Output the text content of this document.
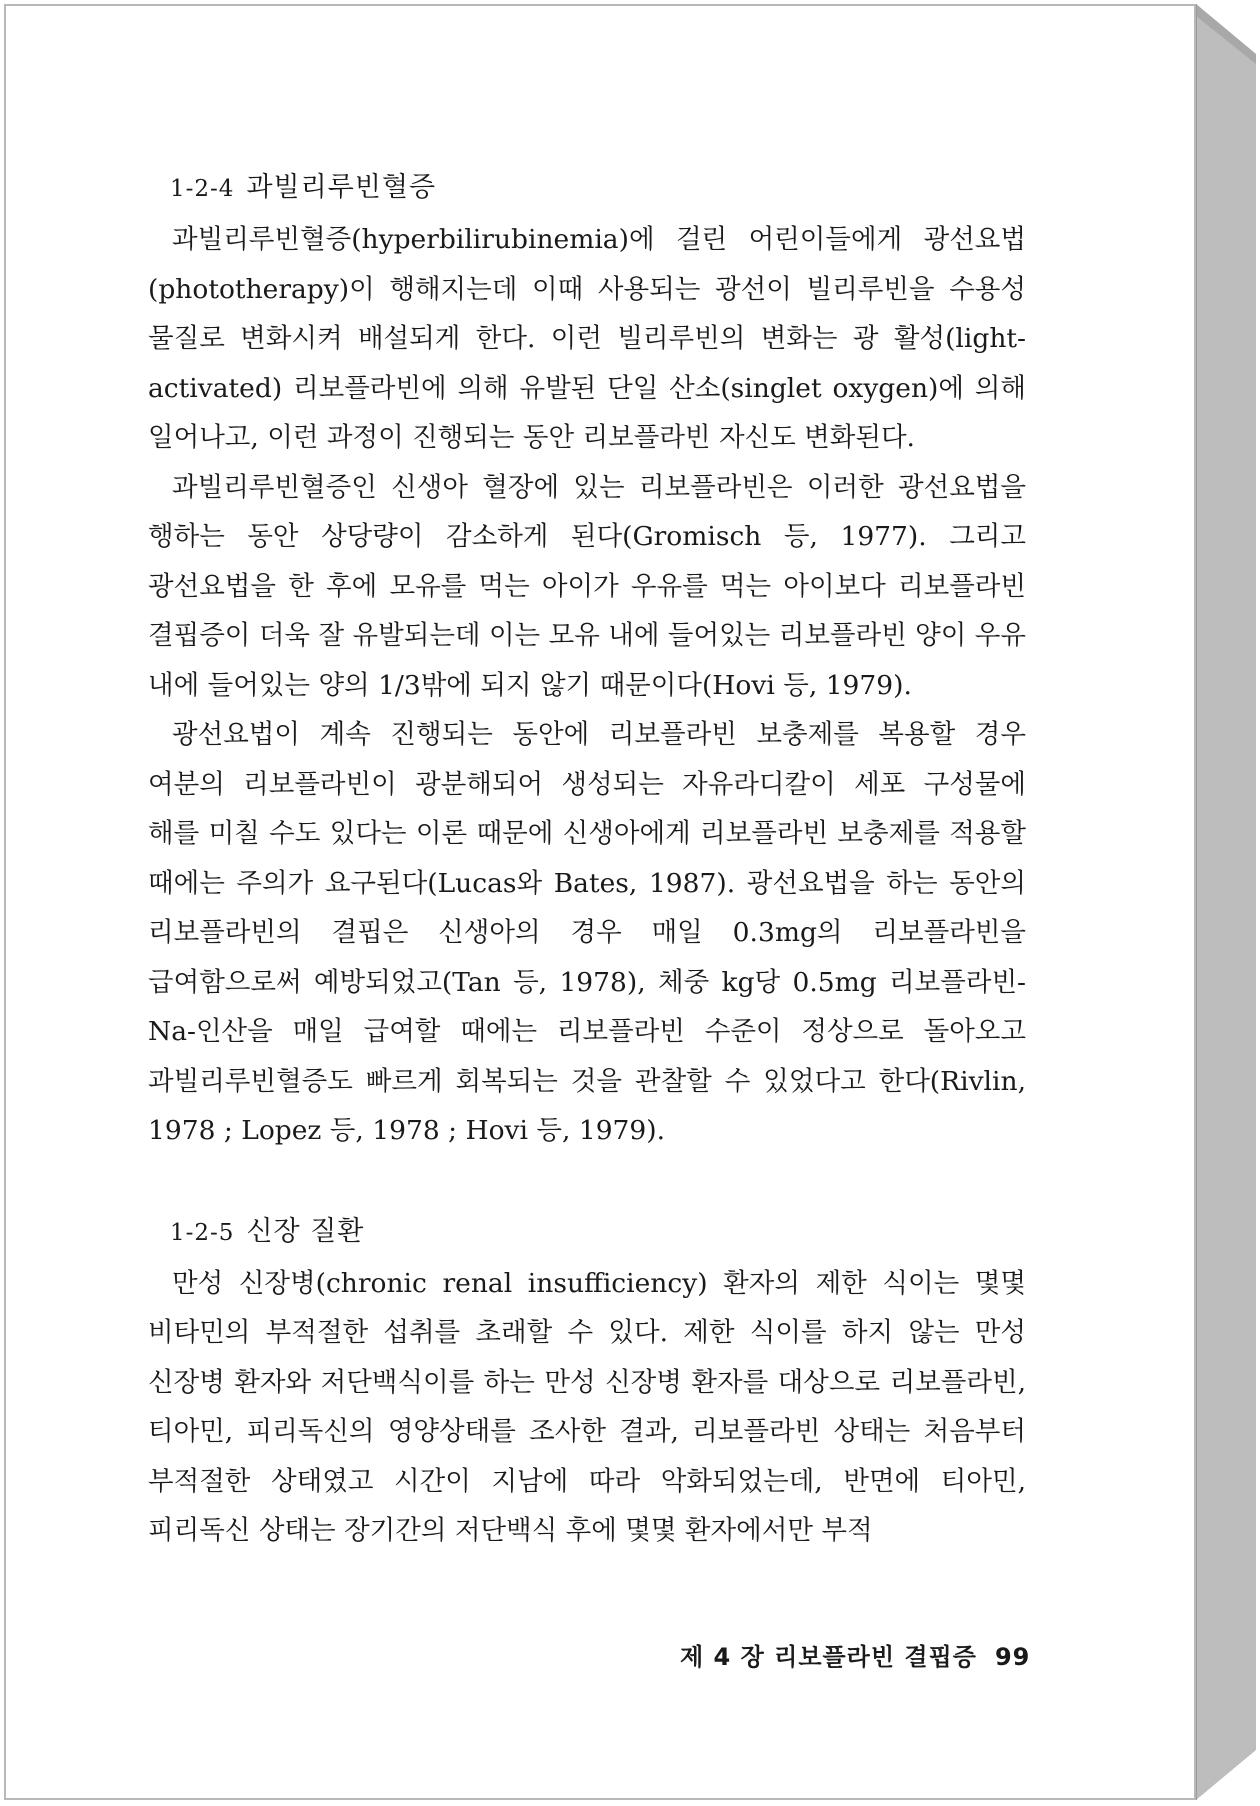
1-2-4 과빌리루빈혈증

과빌리루빈혈증(hyperbilirubinemia)에 걸린 어린이들에게 광선요법(phototherapy)이 행해지는데 이때 사용되는 광선이 빌리루빈을 수용성 물질로 변화시켜 배설되게 한다. 이런 빌리루빈의 변화는 광 활성(light-activated) 리보플라빈에 의해 유발된 단일 산소(singlet oxygen)에 의해 일어나고, 이런 과정이 진행되는 동안 리보플라빈 자신도 변화된다.

과빌리루빈혈증인 신생아 혈장에 있는 리보플라빈은 이러한 광선요법을 행하는 동안 상당량이 감소하게 된다(Gromisch 등, 1977). 그리고 광선요법을 한 후에 모유를 먹는 아이가 우유를 먹는 아이보다 리보플라빈 결핍증이 더욱 잘 유발되는데 이는 모유 내에 들어있는 리보플라빈 양이 우유 내에 들어있는 양의 1/3밖에 되지 않기 때문이다(Hovi 등, 1979).

광선요법이 계속 진행되는 동안에 리보플라빈 보충제를 복용할 경우 여분의 리보플라빈이 광분해되어 생성되는 자유라디칼이 세포 구성물에 해를 미칠 수도 있다는 이론 때문에 신생아에게 리보플라빈 보충제를 적용할 때에는 주의가 요구된다(Lucas와 Bates, 1987). 광선요법을 하는 동안의 리보플라빈의 결핍은 신생아의 경우 매일 0.3mg의 리보플라빈을 급여함으로써 예방되었고(Tan 등, 1978), 체중 kg당 0.5mg 리보플라빈-Na-인산을 매일 급여할 때에는 리보플라빈 수준이 정상으로 돌아오고 과빌리루빈혈증도 빠르게 회복되는 것을 관찰할 수 있었다고 한다(Rivlin, 1978 ; Lopez 등, 1978 ; Hovi 등, 1979).

1-2-5 신장 질환

만성 신장병(chronic renal insufficiency) 환자의 제한 식이는 몇몇 비타민의 부적절한 섭취를 초래할 수 있다. 제한 식이를 하지 않는 만성 신장병 환자와 저단백식이를 하는 만성 신장병 환자를 대상으로 리보플라빈, 티아민, 피리독신의 영양상태를 조사한 결과, 리보플라빈 상태는 처음부터 부적절한 상태였고 시간이 지남에 따라 악화되었는데, 반면에 티아민, 피리독신 상태는 장기간의 저단백식 후에 몇몇 환자에서만 부적

제 4 장 리보플라빈 결핍증 99
